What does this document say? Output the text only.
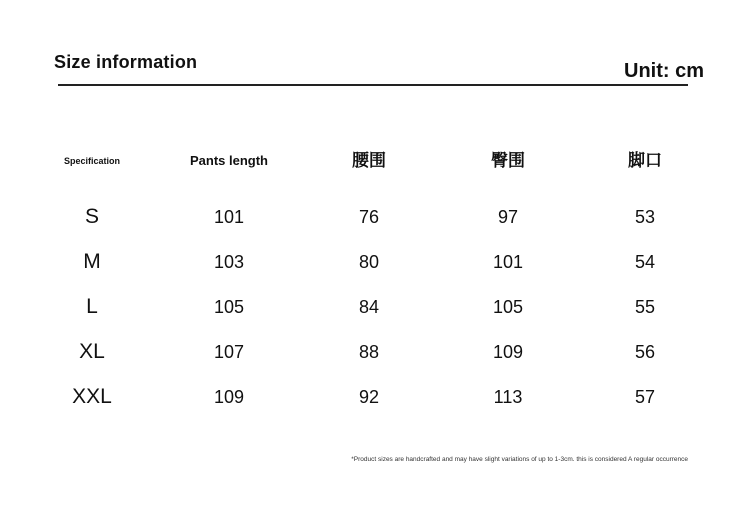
Size information	Unit: cm
Specification	Pants length	腰围	臀围	脚口
S	101	76	97	53
M	103	80	101	54
L	105	84	105	55
XL	107	88	109	56
XXL	109	92	113	57
*Product sizes are handcrafted and may have slight variations of up to 1-3cm. this is considered A regular occurrence
